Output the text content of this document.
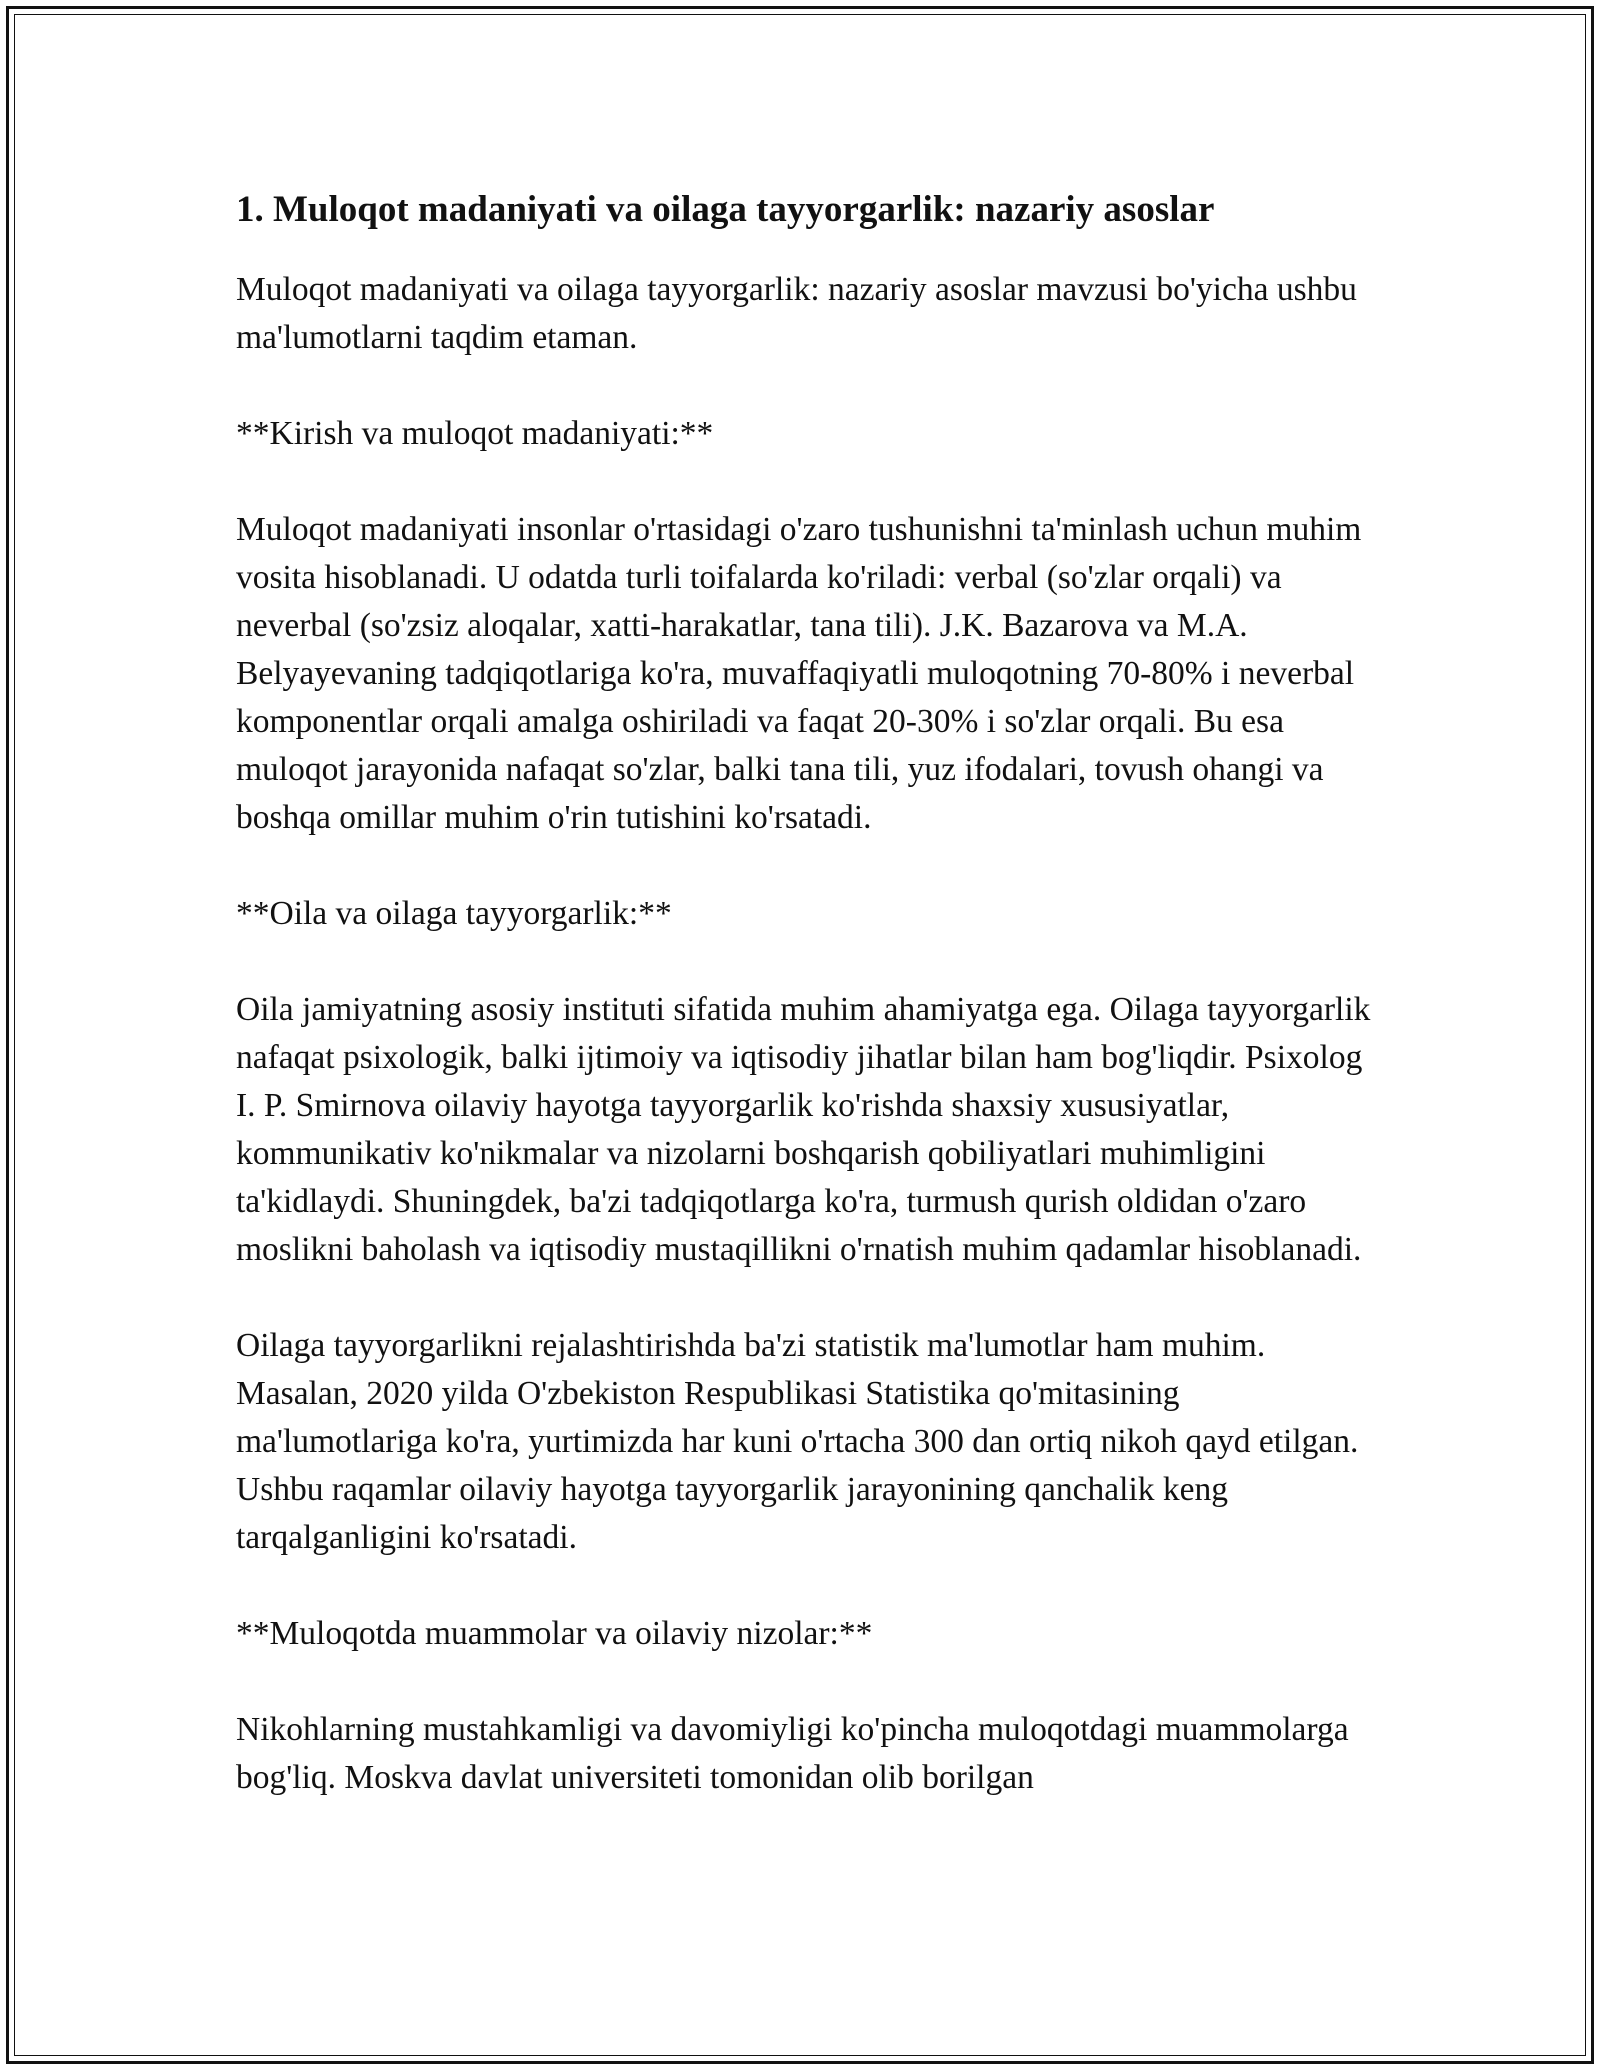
1. Muloqot madaniyati va oilaga tayyorgarlik: nazariy asoslar

Muloqot madaniyati va oilaga tayyorgarlik: nazariy asoslar mavzusi bo'yicha ushbu ma'lumotlarni taqdim etaman.

**Kirish va muloqot madaniyati:**

Muloqot madaniyati insonlar o'rtasidagi o'zaro tushunishni ta'minlash uchun muhim vosita hisoblanadi. U odatda turli toifalarda ko'riladi: verbal (so'zlar orqali) va neverbal (so'zsiz aloqalar, xatti-harakatlar, tana tili). J.K. Bazarova va M.A. Belyayevaning tadqiqotlariga ko'ra, muvaffaqiyatli muloqotning 70-80% i neverbal komponentlar orqali amalga oshiriladi va faqat 20-30% i so'zlar orqali. Bu esa muloqot jarayonida nafaqat so'zlar, balki tana tili, yuz ifodalari, tovush ohangi va boshqa omillar muhim o'rin tutishini ko'rsatadi.

**Oila va oilaga tayyorgarlik:**

Oila jamiyatning asosiy instituti sifatida muhim ahamiyatga ega. Oilaga tayyorgarlik nafaqat psixologik, balki ijtimoiy va iqtisodiy jihatlar bilan ham bog'liqdir. Psixolog I. P. Smirnova oilaviy hayotga tayyorgarlik ko'rishda shaxsiy xususiyatlar, kommunikativ ko'nikmalar va nizolarni boshqarish qobiliyatlari muhimligini ta'kidlaydi. Shuningdek, ba'zi tadqiqotlarga ko'ra, turmush qurish oldidan o'zaro moslikni baholash va iqtisodiy mustaqillikni o'rnatish muhim qadamlar hisoblanadi.

Oilaga tayyorgarlikni rejalashtirishda ba'zi statistik ma'lumotlar ham muhim. Masalan, 2020 yilda O'zbekiston Respublikasi Statistika qo'mitasining ma'lumotlariga ko'ra, yurtimizda har kuni o'rtacha 300 dan ortiq nikoh qayd etilgan. Ushbu raqamlar oilaviy hayotga tayyorgarlik jarayonining qanchalik keng tarqalganligini ko'rsatadi.

**Muloqotda muammolar va oilaviy nizolar:**

Nikohlarning mustahkamligi va davomiyligi ko'pincha muloqotdagi muammolarga bog'liq. Moskva davlat universiteti tomonidan olib borilgan
